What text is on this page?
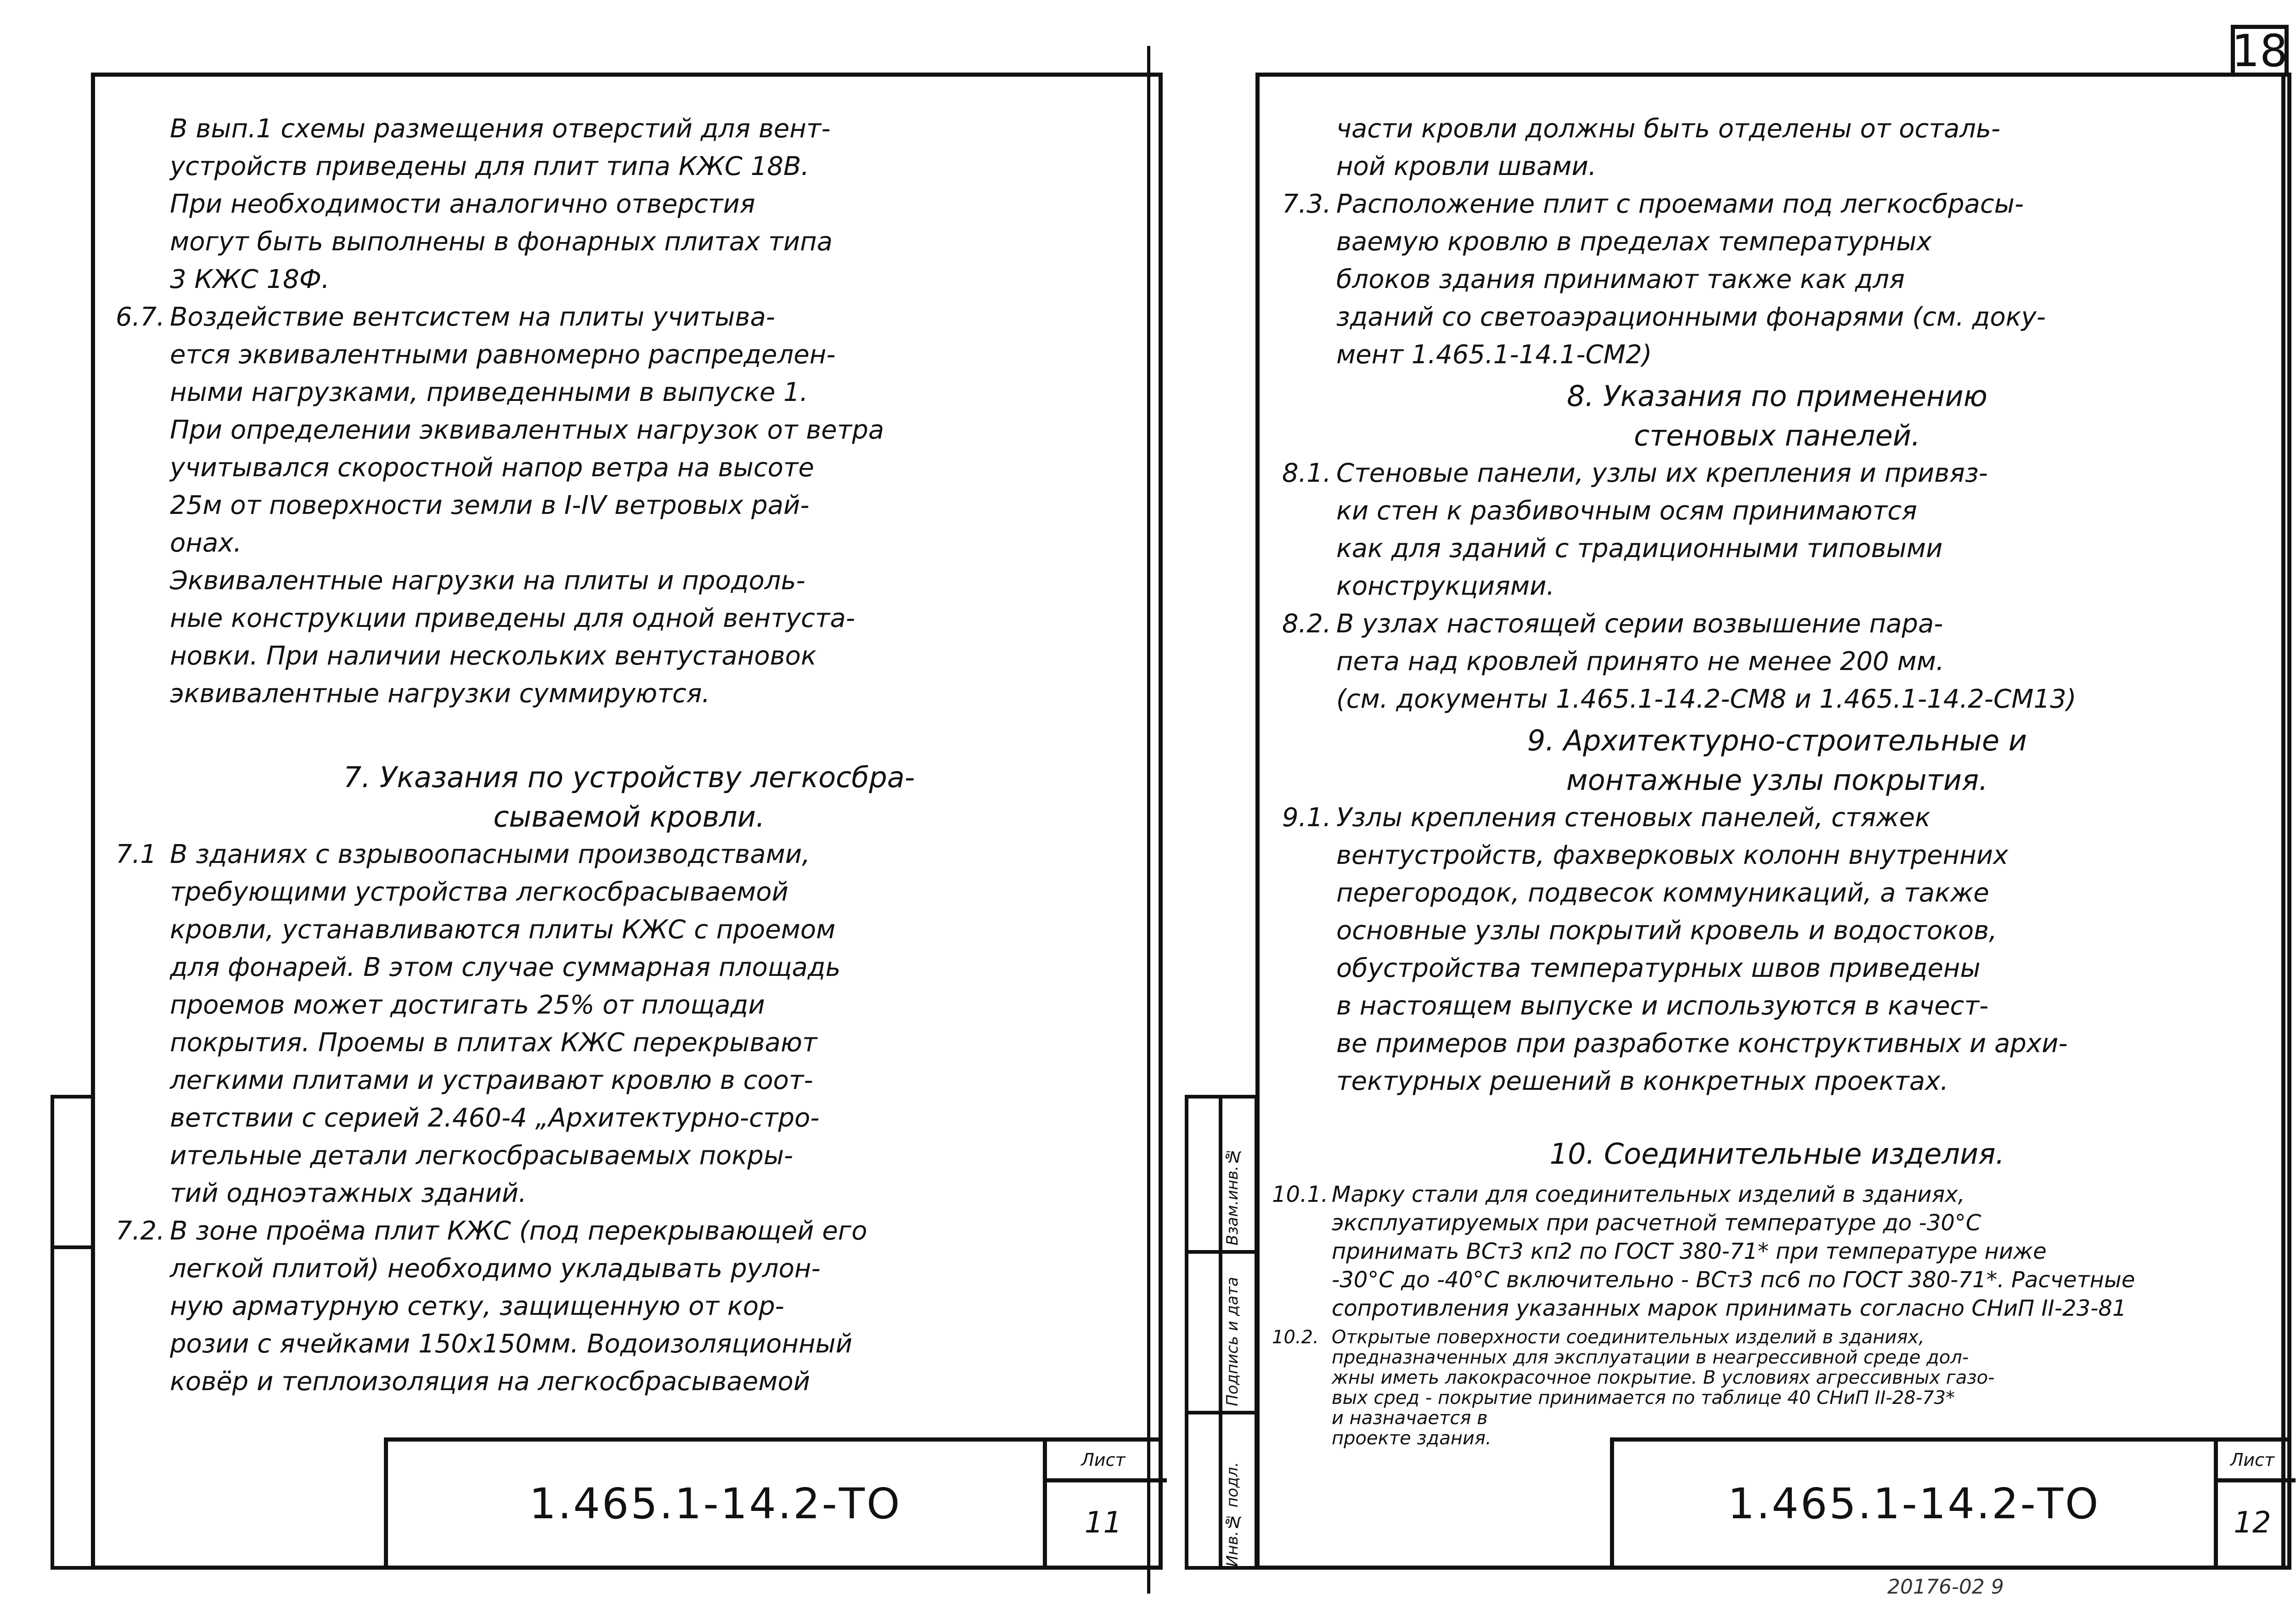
В вып.1 схемы размещения отверстий для вент-
устройств приведены для плит типа КЖС 18В.
При необходимости аналогично отверстия
могут быть выполнены в фонарных плитах типа
3 КЖС 18Ф.
6.7. Воздействие вентсистем на плиты учитыва-
ется эквивалентными равномерно распределен-
ными нагрузками, приведенными в выпуске 1.
При определении эквивалентных нагрузок от ветра
учитывался скоростной напор ветра на высоте
25м от поверхности земли в I-IV ветровых рай-
онах.
Эквивалентные нагрузки на плиты и продоль-
ные конструкции приведены для одной вентуста-
новки. При наличии нескольких вентустановок
эквивалентные нагрузки суммируются.
7. Указания по устройству легкосбра-
сываемой кровли.
7.1 В зданиях с взрывоопасными производствами,
требующими устройства легкосбрасываемой
кровли, устанавливаются плиты КЖС с проемом
для фонарей. В этом случае суммарная площадь
проемов может достигать 25% от площади
покрытия. Проемы в плитах КЖС перекрывают
легкими плитами и устраивают кровлю в соот-
ветствии с серией 2.460-4 „Архитектурно-стро-
ительные детали легкосбрасываемых покры-
тий одноэтажных зданий.
7.2. В зоне проёма плит КЖС (под перекрывающей его
легкой плитой) необходимо укладывать рулон-
ную арматурную сетку, защищенную от кор-
розии с ячейками 150x150мм. Водоизоляционный
ковёр и теплоизоляция на легкосбрасываемой
1.465.1-14.2-ТО
Лист
11
18
Инв.№ подл.
Подпись и дата
Взам.инв.№
части кровли должны быть отделены от осталь-
ной кровли швами.
7.3. Расположение плит с проемами под легкосбрасы-
ваемую кровлю в пределах температурных
блоков здания принимают также как для
зданий со светоаэрационными фонарями (см. доку-
мент 1.465.1-14.1-СМ2)
8. Указания по применению
стеновых панелей.
8.1. Стеновые панели, узлы их крепления и привяз-
ки стен к разбивочным осям принимаются
как для зданий с традиционными типовыми
конструкциями.
8.2. В узлах настоящей серии возвышение пара-
пета над кровлей принято не менее 200 мм.
(см. документы 1.465.1-14.2-СМ8 и 1.465.1-14.2-СМ13)
9. Архитектурно-строительные и
монтажные узлы покрытия.
9.1. Узлы крепления стеновых панелей, стяжек
вентустройств, фахверковых колонн внутренних
перегородок, подвесок коммуникаций, а также
основные узлы покрытий кровель и водостоков,
обустройства температурных швов приведены
в настоящем выпуске и используются в качест-
ве примеров при разработке конструктивных и архи-
тектурных решений в конкретных проектах.
10. Соединительные изделия.
10.1. Марку стали для соединительных изделий в зданиях,
эксплуатируемых при расчетной температуре до -30°С
принимать ВСт3 кп2 по ГОСТ 380-71* при температуре ниже
-30°С до -40°С включительно - ВСт3 пс6 по ГОСТ 380-71*. Расчетные
сопротивления указанных марок принимать согласно СНиП II-23-81
10.2. Открытые поверхности соединительных изделий в зданиях,
предназначенных для эксплуатации в неагрессивной среде дол-
жны иметь лакокрасочное покрытие. В условиях агрессивных газо-
вых сред - покрытие принимается по таблице 40 СНиП II-28-73*
и назначается в
проекте здания.
1.465.1-14.2-ТО
Лист
12
20176-02 9
